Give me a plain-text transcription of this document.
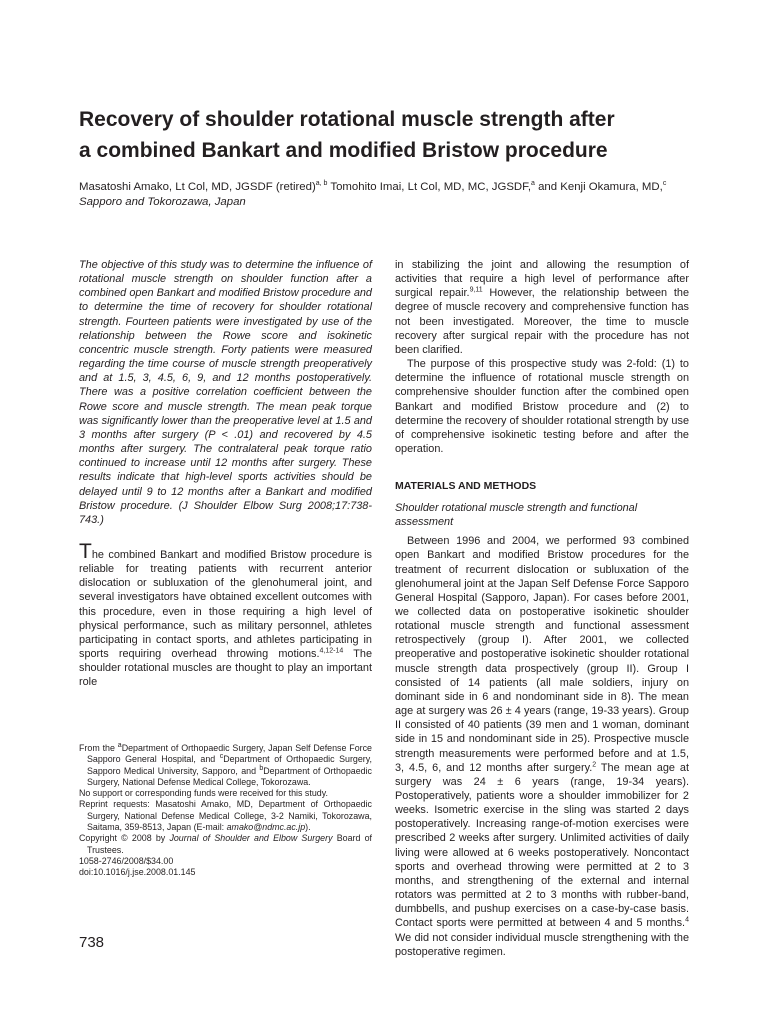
Recovery of shoulder rotational muscle strength after
a combined Bankart and modified Bristow procedure
Masatoshi Amako, Lt Col, MD, JGSDF (retired)$^{a, b}$ Tomohito Imai, Lt Col, MD, MC, JGSDF,$^a$ and Kenji Okamura, MD,$^c$
Sapporo and Tokorozawa, Japan

The objective of this study was to determine the influence of rotational muscle strength on shoulder function after a combined open Bankart and modified Bristow procedure and to determine the time of recovery for shoulder rotational strength. Fourteen patients were investigated by use of the relationship between the Rowe score and isokinetic concentric muscle strength. Forty patients were measured regarding the time course of muscle strength preoperatively and at 1.5, 3, 4.5, 6, 9, and 12 months postoperatively. There was a positive correlation coefficient between the Rowe score and muscle strength. The mean peak torque was significantly lower than the preoperative level at 1.5 and 3 months after surgery (P < .01) and recovered by 4.5 months after surgery. The contralateral peak torque ratio continued to increase until 12 months after surgery. These results indicate that high-level sports activities should be delayed until 9 to 12 months after a Bankart and modified Bristow procedure. (J Shoulder Elbow Surg 2008;17:738-743.)

The combined Bankart and modified Bristow procedure is reliable for treating patients with recurrent anterior dislocation or subluxation of the glenohumeral joint, and several investigators have obtained excellent outcomes with this procedure, even in those requiring a high level of physical performance, such as military personnel, athletes participating in contact sports, and athletes participating in sports requiring overhead throwing motions.$^{4,12-14}$ The shoulder rotational muscles are thought to play an important role

From the $^a$Department of Orthopaedic Surgery, Japan Self Defense Force Sapporo General Hospital, and $^c$Department of Orthopaedic Surgery, Sapporo Medical University, Sapporo, and $^b$Department of Orthopaedic Surgery, National Defense Medical College, Tokorozawa.

No support or corresponding funds were received for this study.

Reprint requests: Masatoshi Amako, MD, Department of Orthopaedic Surgery, National Defense Medical College, 3-2 Namiki, Tokorozawa, Saitama, 359-8513, Japan (E-mail: amako@ndmc.ac.jp).

Copyright © 2008 by Journal of Shoulder and Elbow Surgery Board of Trustees.

1058-2746/2008/$34.00

doi:10.1016/j.jse.2008.01.145

738

in stabilizing the joint and allowing the resumption of activities that require a high level of performance after surgical repair.$^{9,11}$ However, the relationship between the degree of muscle recovery and comprehensive function has not been investigated. Moreover, the time to muscle recovery after surgical repair with the procedure has not been clarified.

The purpose of this prospective study was 2-fold: (1) to determine the influence of rotational muscle strength on comprehensive shoulder function after the combined open Bankart and modified Bristow procedure and (2) to determine the recovery of shoulder rotational strength by use of comprehensive isokinetic testing before and after the operation.

MATERIALS AND METHODS

Shoulder rotational muscle strength and functional assessment

Between 1996 and 2004, we performed 93 combined open Bankart and modified Bristow procedures for the treatment of recurrent dislocation or subluxation of the glenohumeral joint at the Japan Self Defense Force Sapporo General Hospital (Sapporo, Japan). For cases before 2001, we collected data on postoperative isokinetic shoulder rotational muscle strength and functional assessment retrospectively (group I). After 2001, we collected preoperative and postoperative isokinetic shoulder rotational muscle strength data prospectively (group II). Group I consisted of 14 patients (all male soldiers, injury on dominant side in 6 and nondominant side in 8). The mean age at surgery was 26 ± 4 years (range, 19-33 years). Group II consisted of 40 patients (39 men and 1 woman, dominant side in 15 and nondominant side in 25). Prospective muscle strength measurements were performed before and at 1.5, 3, 4.5, 6, and 12 months after surgery.$^2$ The mean age at surgery was 24 ± 6 years (range, 19-34 years). Postoperatively, patients wore a shoulder immobilizer for 2 weeks. Isometric exercise in the sling was started 2 days postoperatively. Increasing range-of-motion exercises were prescribed 2 weeks after surgery. Unlimited activities of daily living were allowed at 6 weeks postoperatively. Noncontact sports and overhead throwing were permitted at 2 to 3 months, and strengthening of the external and internal rotators was permitted at 2 to 3 months with rubber-band, dumbbells, and pushup exercises on a case-by-case basis. Contact sports were permitted at between 4 and 5 months.$^4$ We did not consider individual muscle strengthening with the postoperative regimen.
